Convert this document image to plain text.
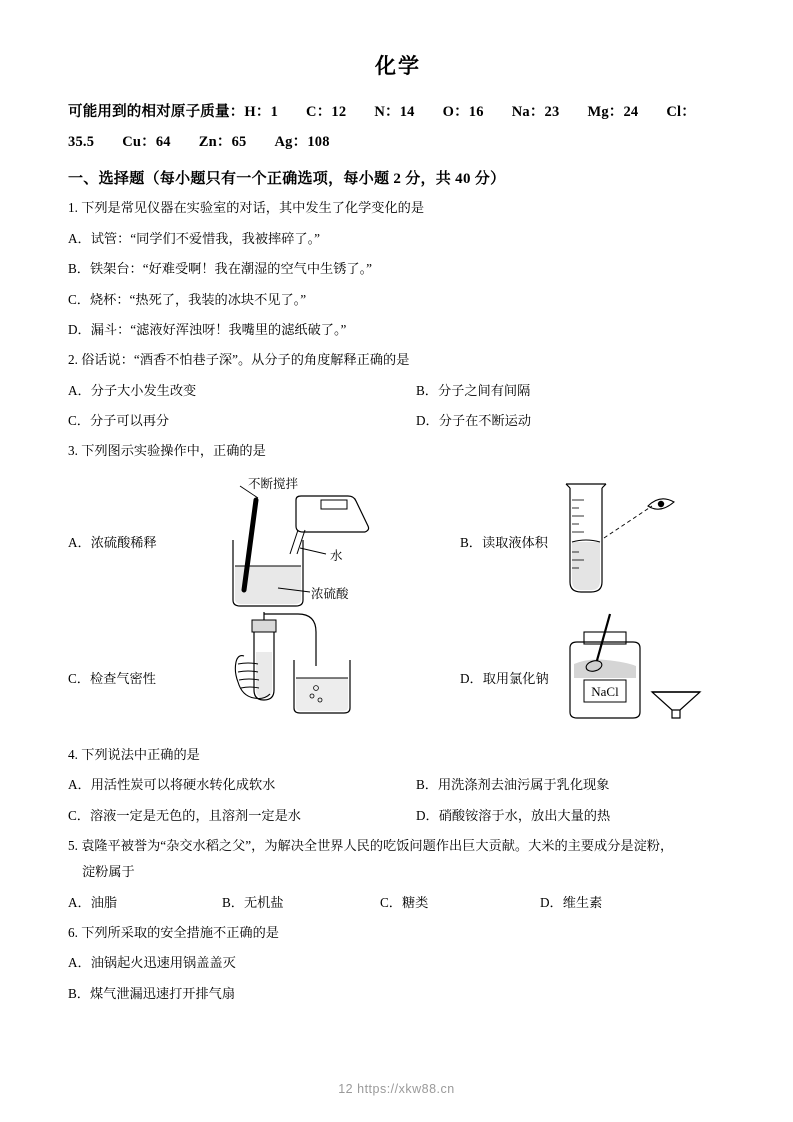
化学
可能用到的相对原子质量：H：1 C：12 N：14 O：16 Na：23 Mg：24 Cl：
35.5 Cu：64 Zn：65 Ag：108
一、选择题（每小题只有一个正确选项，每小题 2 分，共 40 分）
1. 下列是常见仪器在实验室的对话，其中发生了化学变化的是
A．试管：“同学们不爱惜我，我被摔碎了。”
B．铁架台：“好难受啊！我在潮湿的空气中生锈了。”
C．烧杯：“热死了，我装的冰块不见了。”
D．漏斗：“滤液好浑浊呀！我嘴里的滤纸破了。”
2. 俗话说：“酒香不怕巷子深”。从分子的角度解释正确的是
A．分子大小发生改变	B．分子之间有间隔
C．分子可以再分	D．分子在不断运动
3. 下列图示实验操作中，正确的是
A．浓硫酸稀释
不断搅拌
水
浓硫酸
B．读取液体积
C．检查气密性	D．取用氯化钠
NaCl
4. 下列说法中正确的是
A．用活性炭可以将硬水转化成软水	B．用洗涤剂去油污属于乳化现象
C．溶液一定是无色的，且溶剂一定是水	D．硝酸铵溶于水，放出大量的热
5. 袁隆平被誉为“杂交水稻之父”，为解决全世界人民的吃饭问题作出巨大贡献。大米的主要成分是淀粉，
淀粉属于
A．油脂	B．无机盐	C．糖类	D．维生素
6. 下列所采取的安全措施不正确的是
A．油锅起火迅速用锅盖盖灭
B．煤气泄漏迅速打开排气扇
12 https://xkw88.cn
